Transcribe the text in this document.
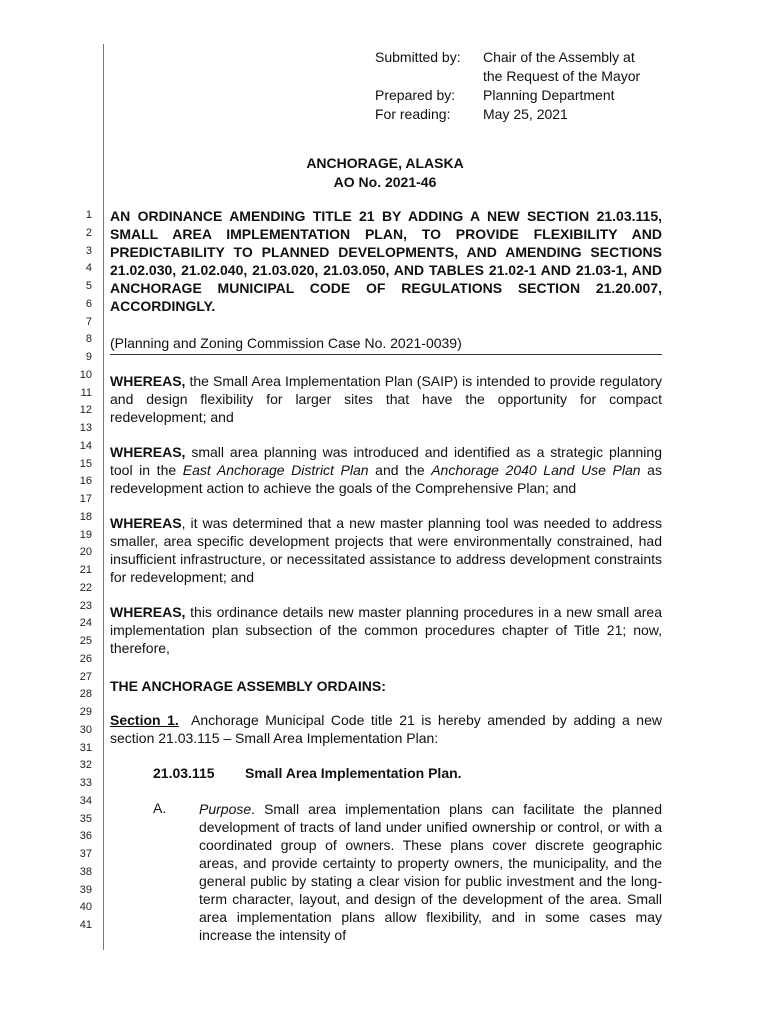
Submitted by:	Chair of the Assembly at
the Request of the Mayor
Prepared by:	Planning Department
For reading:	May 25, 2021
ANCHORAGE, ALASKA
AO No. 2021-46
1
2
3
4
5
6
7
8
9
10
11
12
13
14
15
16
17
18
19
20
21
22
23
24
25
26
27
28
29
30
31
32
33
34
35
36
37
38
39
40
41
AN ORDINANCE AMENDING TITLE 21 BY ADDING A NEW SECTION 21.03.115, SMALL AREA IMPLEMENTATION PLAN, TO PROVIDE FLEXIBILITY AND PREDICTABILITY TO PLANNED DEVELOPMENTS, AND AMENDING SECTIONS 21.02.030, 21.02.040, 21.03.020, 21.03.050, AND TABLES 21.02-1 AND 21.03-1, AND ANCHORAGE MUNICIPAL CODE OF REGULATIONS SECTION 21.20.007, ACCORDINGLY.
(Planning and Zoning Commission Case No. 2021-0039)
WHEREAS, the Small Area Implementation Plan (SAIP) is intended to provide regulatory and design flexibility for larger sites that have the opportunity for compact redevelopment; and
WHEREAS, small area planning was introduced and identified as a strategic planning tool in the East Anchorage District Plan and the Anchorage 2040 Land Use Plan as redevelopment action to achieve the goals of the Comprehensive Plan; and
WHEREAS, it was determined that a new master planning tool was needed to address smaller, area specific development projects that were environmentally constrained, had insufficient infrastructure, or necessitated assistance to address development constraints for redevelopment; and
WHEREAS, this ordinance details new master planning procedures in a new small area implementation plan subsection of the common procedures chapter of Title 21; now, therefore,
THE ANCHORAGE ASSEMBLY ORDAINS:
Section 1.  Anchorage Municipal Code title 21 is hereby amended by adding a new section 21.03.115 – Small Area Implementation Plan:
21.03.115 Small Area Implementation Plan.
A. Purpose. Small area implementation plans can facilitate the planned development of tracts of land under unified ownership or control, or with a coordinated group of owners. These plans cover discrete geographic areas, and provide certainty to property owners, the municipality, and the general public by stating a clear vision for public investment and the long-term character, layout, and design of the development of the area. Small area implementation plans allow flexibility, and in some cases may increase the intensity of
